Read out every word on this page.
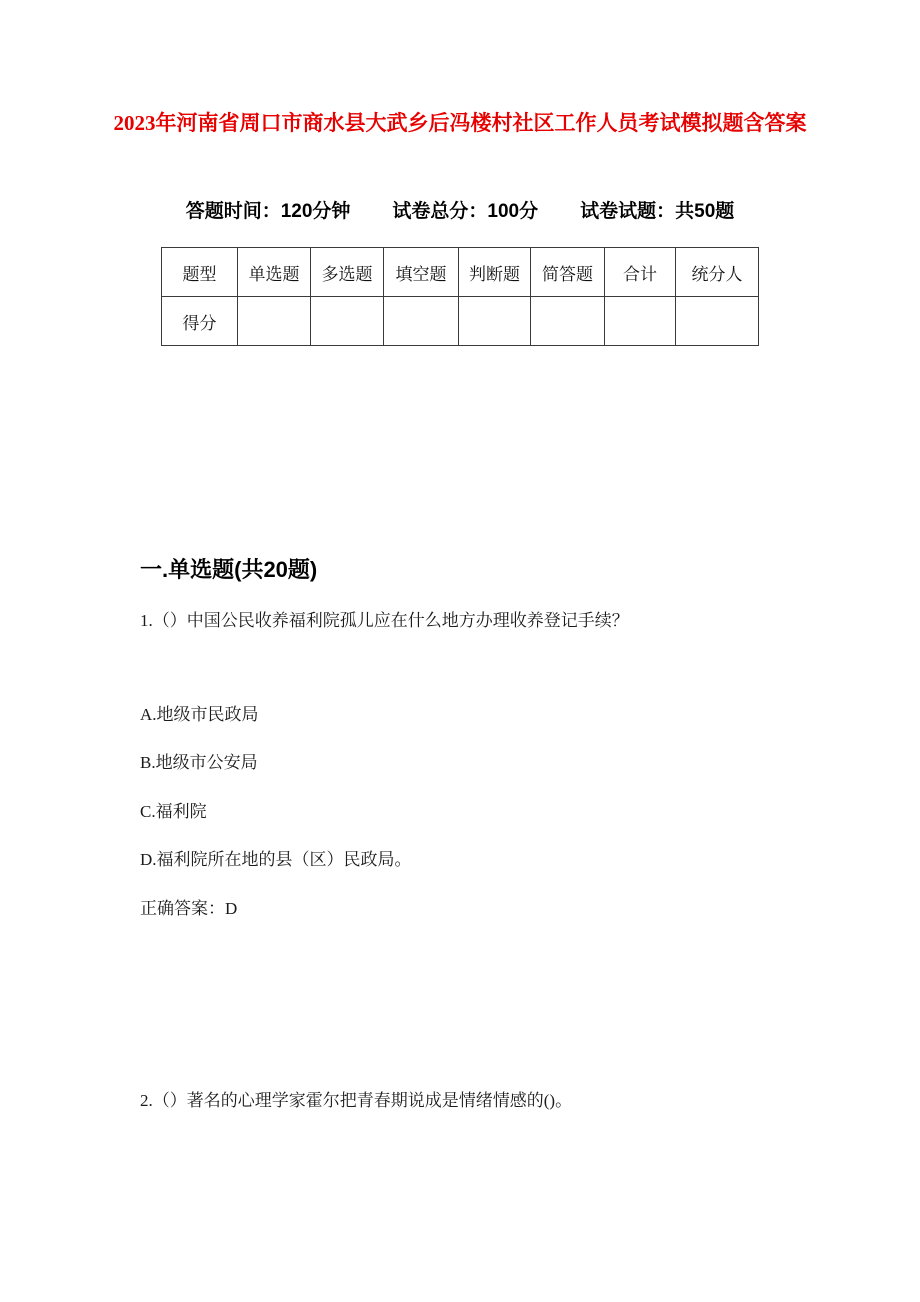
2023年河南省周口市商水县大武乡后冯楼村社区工作人员考试模拟题含答案
答题时间：120分钟 试卷总分：100分 试卷试题：共50题
题型	单选题	多选题	填空题	判断题	简答题	合计	统分人
得分							
一.单选题(共20题)

1.（）中国公民收养福利院孤儿应在什么地方办理收养登记手续？

A.地级市民政局

B.地级市公安局

C.福利院

D.福利院所在地的县（区）民政局。

正确答案：D

2.（）著名的心理学家霍尔把青春期说成是情绪情感的()。
